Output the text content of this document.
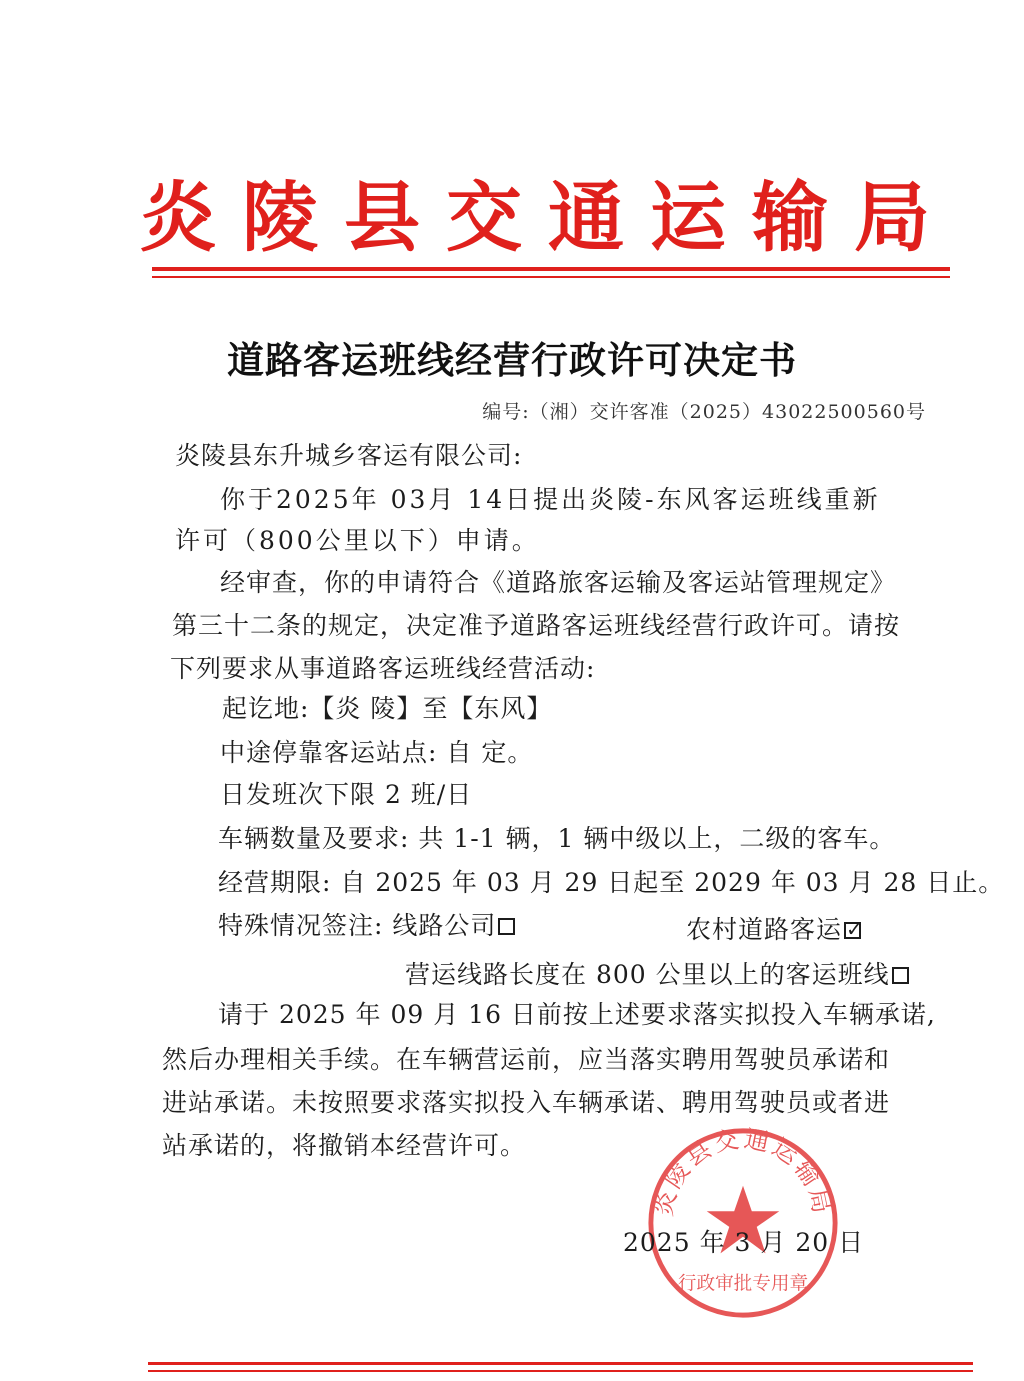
炎 陵 县 交 通 运 输 局
道路客运班线经营行政许可决定书
编号:（湘）交许客准（2025）43022500560号
炎陵县东升城乡客运有限公司:
你于2025年 03月 14日提出炎陵-东风客运班线重新
许可（800公里以下）申请。
经审查，你的申请符合《道路旅客运输及客运站管理规定》
第三十二条的规定，决定准予道路客运班线经营行政许可。请按
下列要求从事道路客运班线经营活动:
起讫地:【炎 陵】至【东风】
中途停靠客运站点: 自 定。
日发班次下限 2 班/日
车辆数量及要求: 共 1-1 辆，1 辆中级以上，二级的客车。
经营期限: 自 2025 年 03 月 29 日起至 2029 年 03 月 28 日止。
特殊情况签注: 线路公司	农村道路客运✓
营运线路长度在 800 公里以上的客运班线
请于 2025 年 09 月 16 日前按上述要求落实拟投入车辆承诺,
然后办理相关手续。在车辆营运前，应当落实聘用驾驶员承诺和
进站承诺。未按照要求落实拟投入车辆承诺、聘用驾驶员或者进
站承诺的，将撤销本经营许可。
炎陵县交通运输局
行政审批专用章
2025 年 3 月 20 日
